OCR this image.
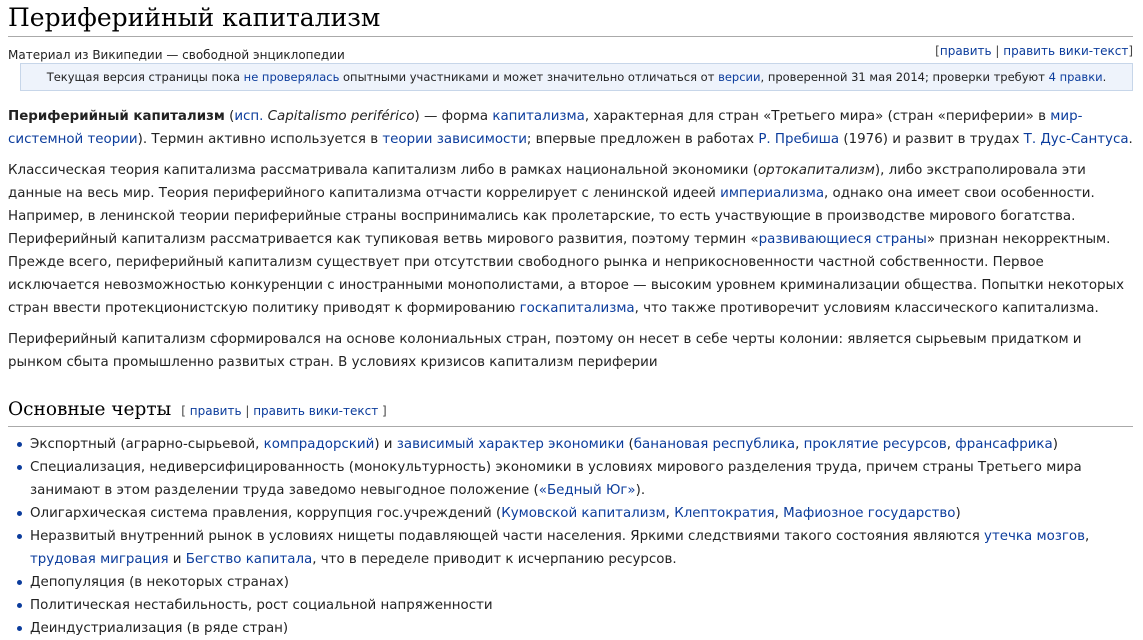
Периферийный капитализм
Материал из Википедии — свободной энциклопедии	[править | править вики-текст]
Текущая версия страницы пока не проверялась опытными участниками и может значительно отличаться от версии, проверенной 31 мая 2014; проверки требуют 4 правки.

Периферийный капитализм (исп. Capitalismo periférico) — форма капитализма, характерная для стран «Третьего мира» (стран «периферии» в мир-системной теории). Термин активно используется в теории зависимости; впервые предложен в работах Р. Пребиша (1976) и развит в трудах Т. Дус-Сантуса.

Классическая теория капитализма рассматривала капитализм либо в рамках национальной экономики (ортокапитализм), либо экстраполировала эти данные на весь мир. Теория периферийного капитализма отчасти коррелирует с ленинской идеей империализма, однако она имеет свои особенности. Например, в ленинской теории периферийные страны воспринимались как пролетарские, то есть участвующие в производстве мирового богатства. Периферийный капитализм рассматривается как тупиковая ветвь мирового развития, поэтому термин «развивающиеся страны» признан некорректным. Прежде всего, периферийный капитализм существует при отсутствии свободного рынка и неприкосновенности частной собственности. Первое исключается невозможностью конкуренции с иностранными монополистами, а второе — высоким уровнем криминализации общества. Попытки некоторых стран ввести протекционистскую политику приводят к формированию госкапитализма, что также противоречит условиям классического капитализма.

Периферийный капитализм сформировался на основе колониальных стран, поэтому он несет в себе черты колонии: является сырьевым придатком и рынком сбыта промышленно развитых стран. В условиях кризисов капитализм периферии

Основные черты [ править | править вики-текст ]
Экспортный (аграрно-сырьевой, компрадорский) и зависимый характер экономики (банановая республика, проклятие ресурсов, франсафрика)
Специализация, недиверсифицированность (монокультурность) экономики в условиях мирового разделения труда, причем страны Третьего мира занимают в этом разделении труда заведомо невыгодное положение («Бедный Юг»).
Олигархическая система правления, коррупция гос.учреждений (Кумовской капитализм, Клептократия, Мафиозное государство)
Неразвитый внутренний рынок в условиях нищеты подавляющей части населения. Яркими следствиями такого состояния являются утечка мозгов, трудовая миграция и Бегство капитала, что в переделе приводит к исчерпанию ресурсов.
Депопуляция (в некоторых странах)
Политическая нестабильность, рост социальной напряженности
Деиндустриализация (в ряде стран)
